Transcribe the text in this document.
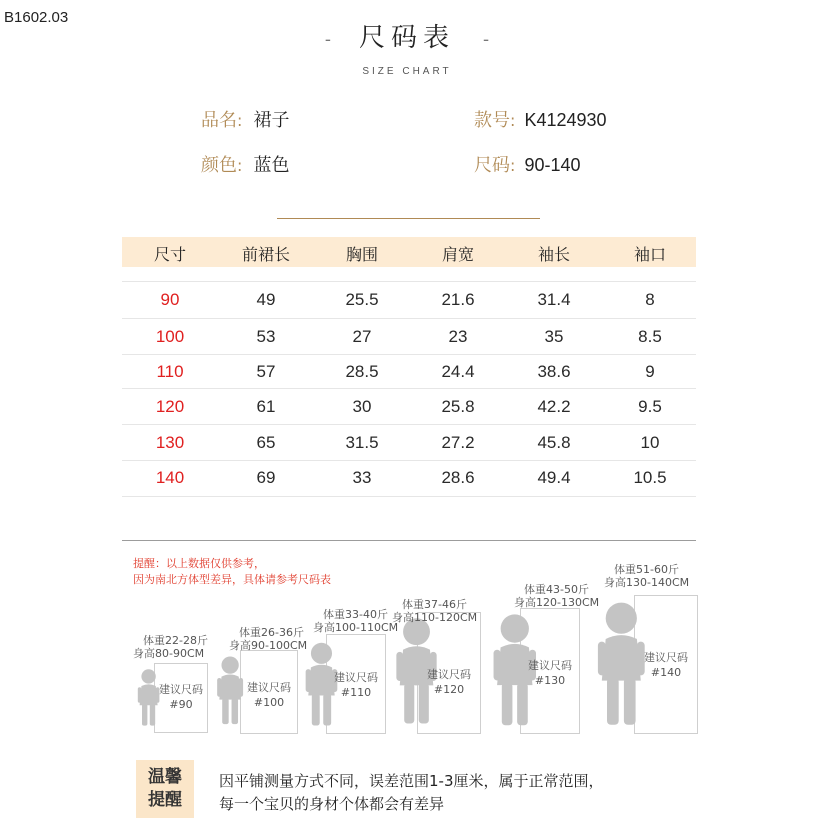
B1602.03
- 尺码表 -
SIZE CHART
品名: 裙子	款号: K4124930
颜色: 蓝色	尺码: 90-140
尺寸	前裙长	胸围	肩宽	袖长	袖口
90	49	25.5	21.6	31.4	8
100	53	27	23	35	8.5
110	57	28.5	24.4	38.6	9
120	61	30	25.8	42.2	9.5
130	65	31.5	27.2	45.8	10
140	69	33	28.6	49.4	10.5
提醒：以上数据仅供参考，
因为南北方体型差异，具体请参考尺码表
体重22-28斤
身高80-90CM
建议尺码
#90
体重26-36斤
身高90-100CM
建议尺码
#100
体重33-40斤
身高100-110CM
建议尺码
#110
体重37-46斤
身高110-120CM
建议尺码
#120
体重43-50斤
身高120-130CM
建议尺码
#130
体重51-60斤
身高130-140CM
建议尺码
#140
温馨
提醒
因平铺测量方式不同，误差范围1-3厘米，属于正常范围，
每一个宝贝的身材个体都会有差异
